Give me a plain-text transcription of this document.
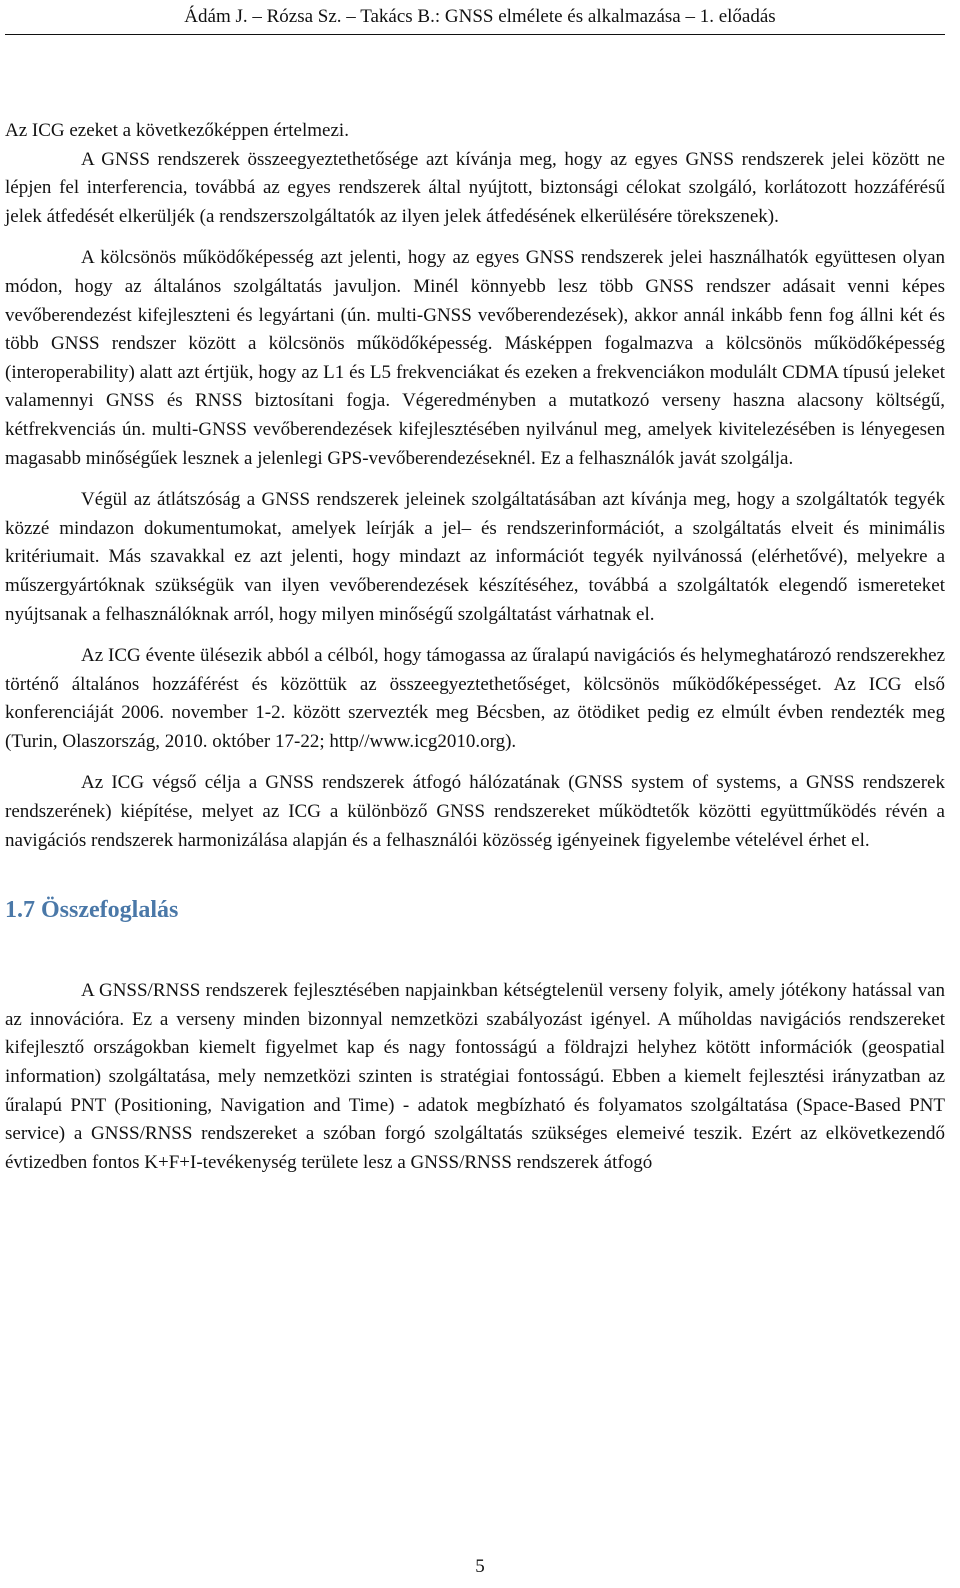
Ádám J. – Rózsa Sz. – Takács B.: GNSS elmélete és alkalmazása – 1. előadás

Az ICG ezeket a következőképpen értelmezi.

A GNSS rendszerek összeegyeztethetősége azt kívánja meg, hogy az egyes GNSS rendszerek jelei között ne lépjen fel interferencia, továbbá az egyes rendszerek által nyújtott, biztonsági célokat szolgáló, korlátozott hozzáférésű jelek átfedését elkerüljék (a rendszerszolgáltatók az ilyen jelek átfedésének elkerülésére törekszenek).

A kölcsönös működőképesség azt jelenti, hogy az egyes GNSS rendszerek jelei használhatók együttesen olyan módon, hogy az általános szolgáltatás javuljon. Minél könnyebb lesz több GNSS rendszer adásait venni képes vevőberendezést kifejleszteni és legyártani (ún. multi-GNSS vevőberendezések), akkor annál inkább fenn fog állni két és több GNSS rendszer között a kölcsönös működőképesség. Másképpen fogalmazva a kölcsönös működőképesség (interoperability) alatt azt értjük, hogy az L1 és L5 frekvenciákat és ezeken a frekvenciákon modulált CDMA típusú jeleket valamennyi GNSS és RNSS biztosítani fogja. Végeredményben a mutatkozó verseny haszna alacsony költségű, kétfrekvenciás ún. multi-GNSS vevőberendezések kifejlesztésében nyilvánul meg, amelyek kivitelezésében is lényegesen magasabb minőségűek lesznek a jelenlegi GPS-vevőberendezéseknél. Ez a felhasználók javát szolgálja.

Végül az átlátszóság a GNSS rendszerek jeleinek szolgáltatásában azt kívánja meg, hogy a szolgáltatók tegyék közzé mindazon dokumentumokat, amelyek leírják a jel– és rendszerinformációt, a szolgáltatás elveit és minimális kritériumait. Más szavakkal ez azt jelenti, hogy mindazt az információt tegyék nyilvánossá (elérhetővé), melyekre a műszergyártóknak szükségük van ilyen vevőberendezések készítéséhez, továbbá a szolgáltatók elegendő ismereteket nyújtsanak a felhasználóknak arról, hogy milyen minőségű szolgáltatást várhatnak el.

Az ICG évente ülésezik abból a célból, hogy támogassa az űralapú navigációs és helymeghatározó rendszerekhez történő általános hozzáférést és közöttük az összeegyeztethetőséget, kölcsönös működőképességet. Az ICG első konferenciáját 2006. november 1-2. között szervezték meg Bécsben, az ötödiket pedig ez elmúlt évben rendezték meg (Turin, Olaszország, 2010. október 17-22; http//www.icg2010.org).

Az ICG végső célja a GNSS rendszerek átfogó hálózatának (GNSS system of systems, a GNSS rendszerek rendszerének) kiépítése, melyet az ICG a különböző GNSS rendszereket működtetők közötti együttműködés révén a navigációs rendszerek harmonizálása alapján és a felhasználói közösség igényeinek figyelembe vételével érhet el.

1.7 Összefoglalás

A GNSS/RNSS rendszerek fejlesztésében napjainkban kétségtelenül verseny folyik, amely jótékony hatással van az innovációra. Ez a verseny minden bizonnyal nemzetközi szabályozást igényel. A műholdas navigációs rendszereket kifejlesztő országokban kiemelt figyelmet kap és nagy fontosságú a földrajzi helyhez kötött információk (geospatial information) szolgáltatása, mely nemzetközi szinten is stratégiai fontosságú. Ebben a kiemelt fejlesztési irányzatban az űralapú PNT (Positioning, Navigation and Time) - adatok megbízható és folyamatos szolgáltatása (Space-Based PNT service) a GNSS/RNSS rendszereket a szóban forgó szolgáltatás szükséges elemeivé teszik. Ezért az elkövetkezendő évtizedben fontos K+F+I-tevékenység területe lesz a GNSS/RNSS rendszerek átfogó

5
